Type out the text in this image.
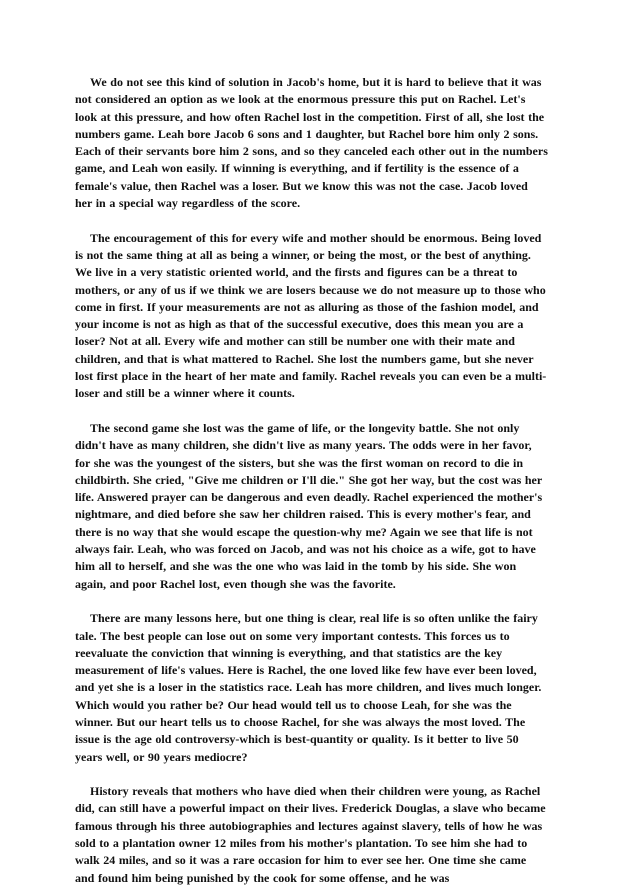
We do not see this kind of solution in Jacob's home, but it is hard to believe that it was not considered an option as we look at the enormous pressure this put on Rachel. Let's look at this pressure, and how often Rachel lost in the competition. First of all, she lost the numbers game. Leah bore Jacob 6 sons and 1 daughter, but Rachel bore him only 2 sons. Each of their servants bore him 2 sons, and so they canceled each other out in the numbers game, and Leah won easily. If winning is everything, and if fertility is the essence of a female's value, then Rachel was a loser. But we know this was not the case. Jacob loved her in a special way regardless of the score.

The encouragement of this for every wife and mother should be enormous. Being loved is not the same thing at all as being a winner, or being the most, or the best of anything. We live in a very statistic oriented world, and the firsts and figures can be a threat to mothers, or any of us if we think we are losers because we do not measure up to those who come in first. If your measurements are not as alluring as those of the fashion model, and your income is not as high as that of the successful executive, does this mean you are a loser? Not at all. Every wife and mother can still be number one with their mate and children, and that is what mattered to Rachel. She lost the numbers game, but she never lost first place in the heart of her mate and family. Rachel reveals you can even be a multi-loser and still be a winner where it counts.

The second game she lost was the game of life, or the longevity battle. She not only didn't have as many children, she didn't live as many years. The odds were in her favor, for she was the youngest of the sisters, but she was the first woman on record to die in childbirth. She cried, "Give me children or I'll die." She got her way, but the cost was her life. Answered prayer can be dangerous and even deadly. Rachel experienced the mother's nightmare, and died before she saw her children raised. This is every mother's fear, and there is no way that she would escape the question-why me? Again we see that life is not always fair. Leah, who was forced on Jacob, and was not his choice as a wife, got to have him all to herself, and she was the one who was laid in the tomb by his side. She won again, and poor Rachel lost, even though she was the favorite.

There are many lessons here, but one thing is clear, real life is so often unlike the fairy tale. The best people can lose out on some very important contests. This forces us to reevaluate the conviction that winning is everything, and that statistics are the key measurement of life's values. Here is Rachel, the one loved like few have ever been loved, and yet she is a loser in the statistics race. Leah has more children, and lives much longer. Which would you rather be? Our head would tell us to choose Leah, for she was the winner. But our heart tells us to choose Rachel, for she was always the most loved. The issue is the age old controversy-which is best-quantity or quality. Is it better to live 50 years well, or 90 years mediocre?

History reveals that mothers who have died when their children were young, as Rachel did, can still have a powerful impact on their lives. Frederick Douglas, a slave who became famous through his three autobiographies and lectures against slavery, tells of how he was sold to a plantation owner 12 miles from his mother's plantation. To see him she had to walk 24 miles, and so it was a rare occasion for him to ever see her. One time she came and found him being punished by the cook for some offense, and he was
